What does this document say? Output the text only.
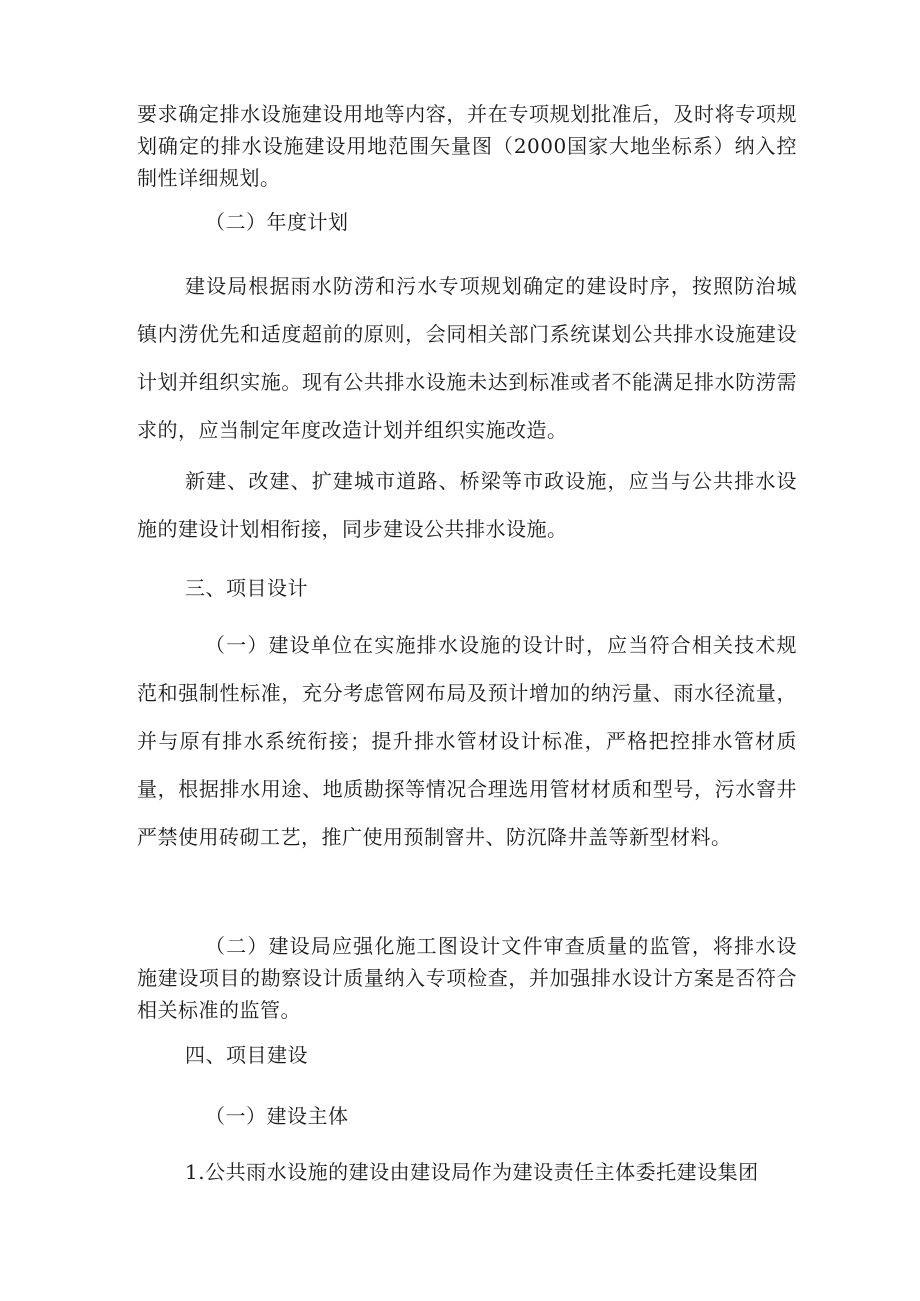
要求确定排水设施建设用地等内容，并在专项规划批准后，及时将专项规划确定的排水设施建设用地范围矢量图（2000国家大地坐标系）纳入控制性详细规划。

（二）年度计划

建设局根据雨水防涝和污水专项规划确定的建设时序，按照防治城镇内涝优先和适度超前的原则，会同相关部门系统谋划公共排水设施建设计划并组织实施。现有公共排水设施未达到标准或者不能满足排水防涝需求的，应当制定年度改造计划并组织实施改造。

新建、改建、扩建城市道路、桥梁等市政设施，应当与公共排水设施的建设计划相衔接，同步建设公共排水设施。

三、项目设计

（一）建设单位在实施排水设施的设计时，应当符合相关技术规范和强制性标准，充分考虑管网布局及预计增加的纳污量、雨水径流量，并与原有排水系统衔接；提升排水管材设计标准，严格把控排水管材质量，根据排水用途、地质勘探等情况合理选用管材材质和型号，污水窨井严禁使用砖砌工艺，推广使用预制窨井、防沉降井盖等新型材料。

（二）建设局应强化施工图设计文件审查质量的监管，将排水设施建设项目的勘察设计质量纳入专项检查，并加强排水设计方案是否符合相关标准的监管。

四、项目建设

（一）建设主体

1.公共雨水设施的建设由建设局作为建设责任主体委托建设集团
